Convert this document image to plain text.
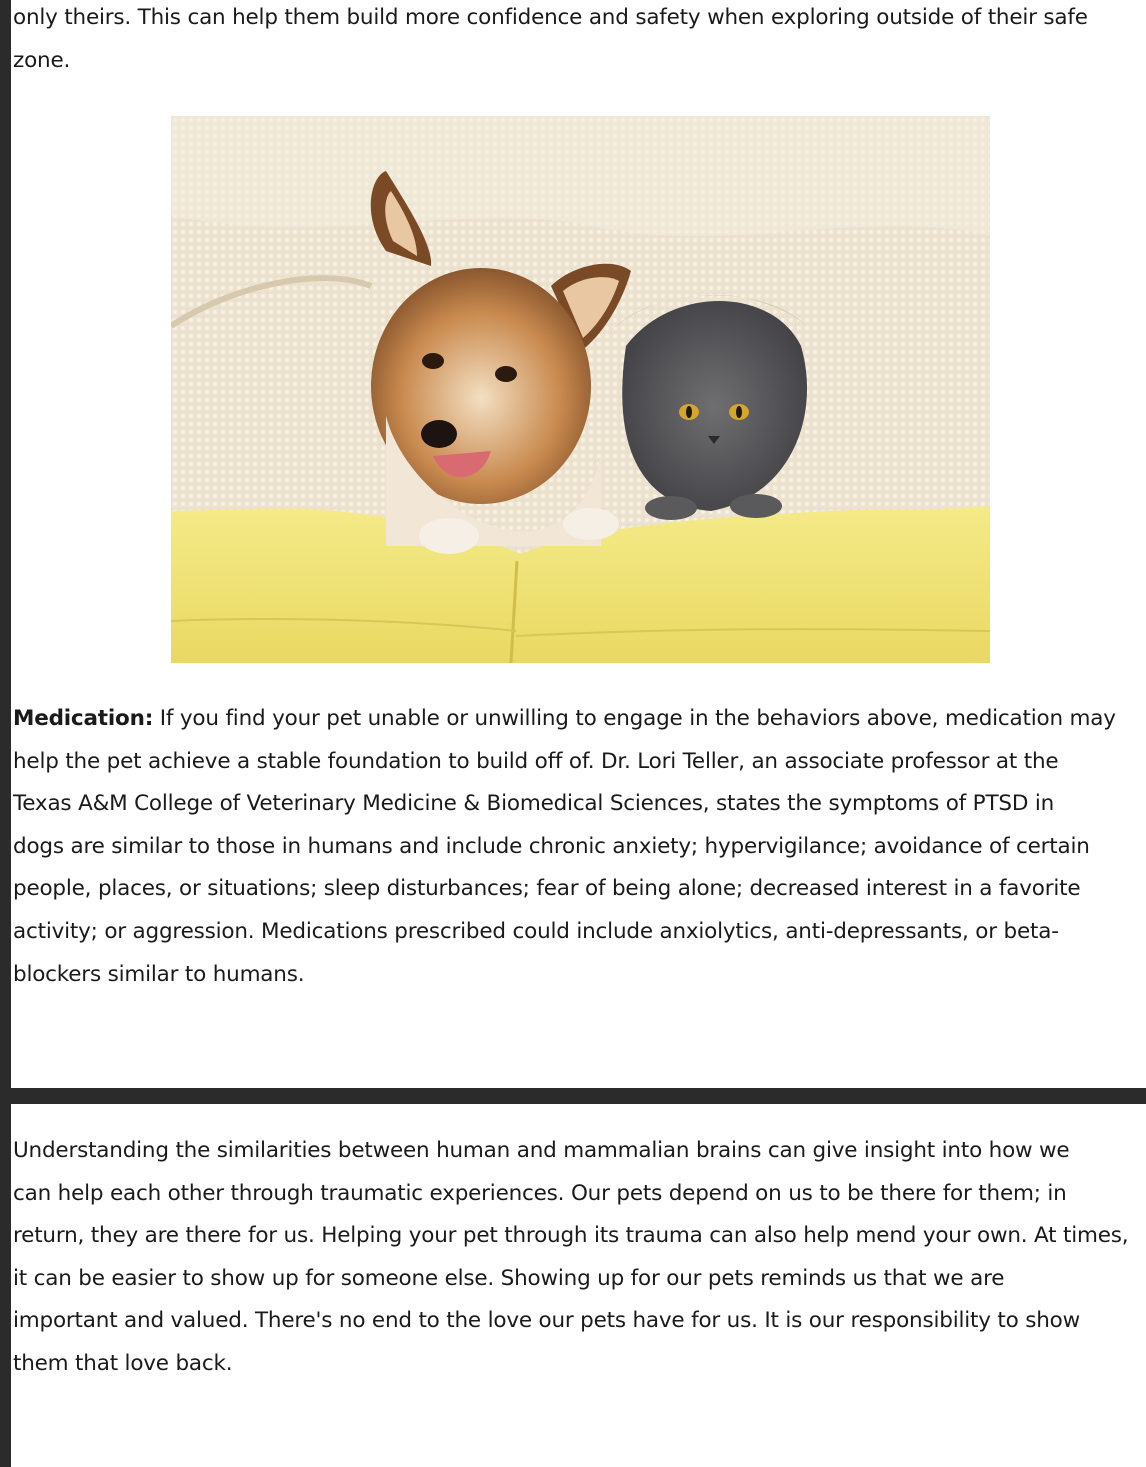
only theirs. This can help them build more confidence and safety when exploring outside of their safe
zone.

Medication: If you find your pet unable or unwilling to engage in the behaviors above, medication may
help the pet achieve a stable foundation to build off of. Dr. Lori Teller, an associate professor at the
Texas A&M College of Veterinary Medicine & Biomedical Sciences, states the symptoms of PTSD in
dogs are similar to those in humans and include chronic anxiety; hypervigilance; avoidance of certain
people, places, or situations; sleep disturbances; fear of being alone; decreased interest in a favorite
activity; or aggression. Medications prescribed could include anxiolytics, anti-depressants, or beta-
blockers similar to humans.

Understanding the similarities between human and mammalian brains can give insight into how we
can help each other through traumatic experiences. Our pets depend on us to be there for them; in
return, they are there for us. Helping your pet through its trauma can also help mend your own. At times,
it can be easier to show up for someone else. Showing up for our pets reminds us that we are
important and valued. There's no end to the love our pets have for us. It is our responsibility to show
them that love back.
